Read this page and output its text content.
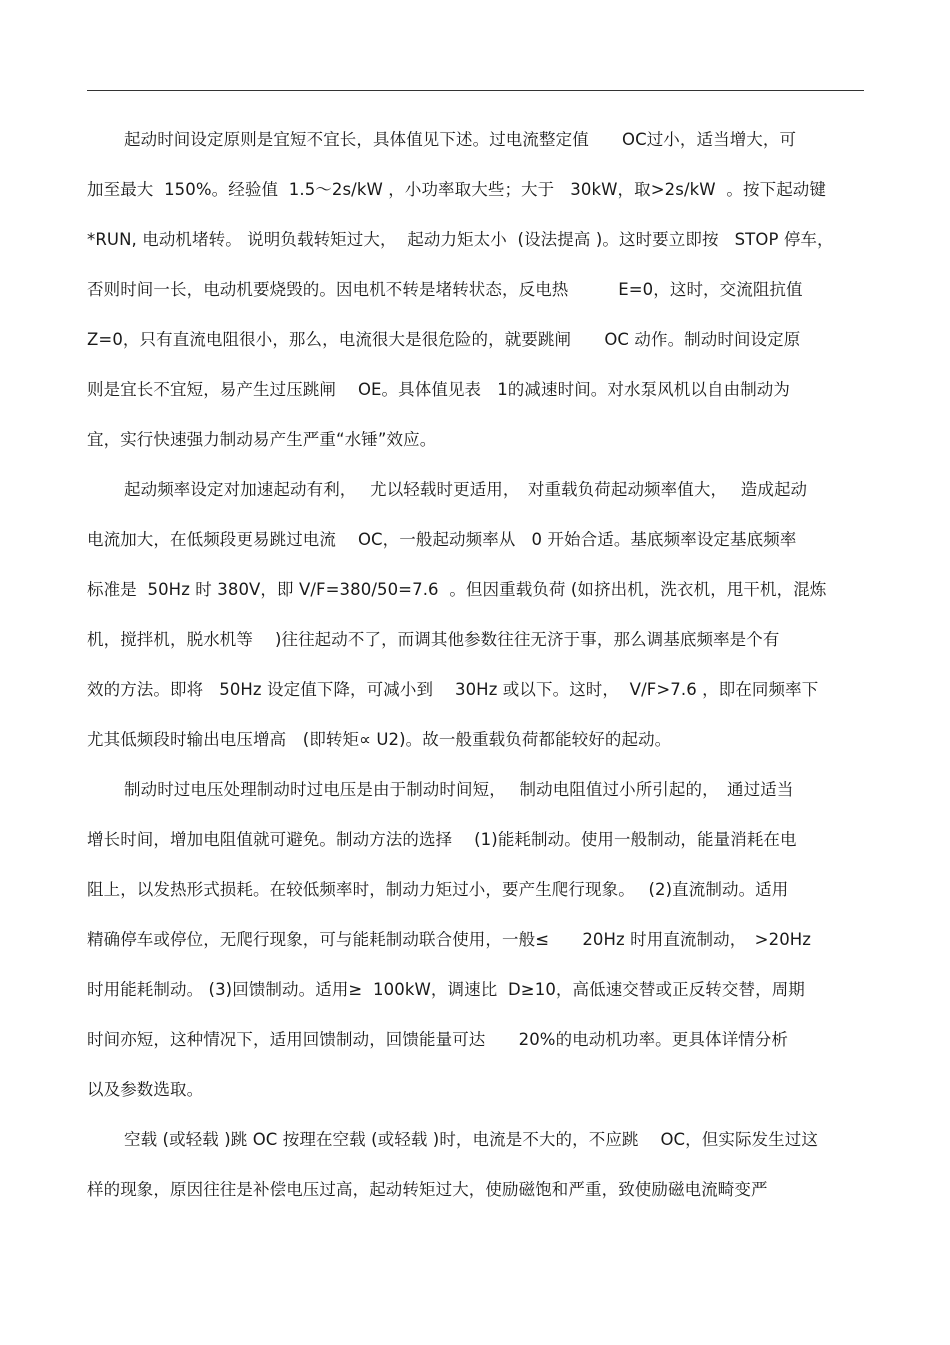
起动时间设定原则是宜短不宜长，具体值见下述。过电流整定值　　OC过小，适当增大，可
加至最大  150%。经验值  1.5～2s/kW ，小功率取大些；大于   30kW，取>2s/kW  。按下起动键
*RUN, 电动机堵转。 说明负载转矩过大，  起动力矩太小  (设法提高 )。这时要立即按   STOP 停车，
否则时间一长，电动机要烧毁的。因电机不转是堵转状态，反电热　　　E=0，这时，交流阻抗值
Z=0，只有直流电阻很小，那么，电流很大是很危险的，就要跳闸　　OC 动作。制动时间设定原
则是宜长不宜短，易产生过压跳闸　 OE。具体值见表   1的减速时间。对水泵风机以自由制动为
宜，实行快速强力制动易产生严重“水锤”效应。

起动频率设定对加速起动有利，　 尤以轻载时更适用，　对重载负荷起动频率值大，　 造成起动
电流加大，在低频段更易跳过电流　 OC，一般起动频率从   0 开始合适。基底频率设定基底频率
标准是  50Hz 时 380V，即 V/F=380/50=7.6  。但因重载负荷 (如挤出机，洗衣机，甩干机，混炼
机，搅拌机，脱水机等　 )往往起动不了，而调其他参数往往无济于事，那么调基底频率是个有
效的方法。即将   50Hz 设定值下降，可减小到　 30Hz 或以下。这时，  V/F>7.6 ，即在同频率下
尤其低频段时输出电压增高　(即转矩∝ U2)。故一般重载负荷都能较好的起动。

制动时过电压处理制动时过电压是由于制动时间短，　 制动电阻值过小所引起的，　通过适当
增长时间，增加电阻值就可避免。制动方法的选择　 (1)能耗制动。使用一般制动，能量消耗在电
阻上，以发热形式损耗。在较低频率时，制动力矩过小，要产生爬行现象。　 (2)直流制动。适用
精确停车或停位，无爬行现象，可与能耗制动联合使用，一般≤　　20Hz 时用直流制动，　>20Hz
时用能耗制动。 (3)回馈制动。适用≥  100kW，调速比  D≥10，高低速交替或正反转交替，周期
时间亦短，这种情况下，适用回馈制动，回馈能量可达　　20%的电动机功率。更具体详情分析
以及参数选取。

空载 (或轻载 )跳 OC 按理在空载 (或轻载 )时，电流是不大的，不应跳　 OC，但实际发生过这
样的现象，原因往往是补偿电压过高，起动转矩过大，使励磁饱和严重，致使励磁电流畸变严
